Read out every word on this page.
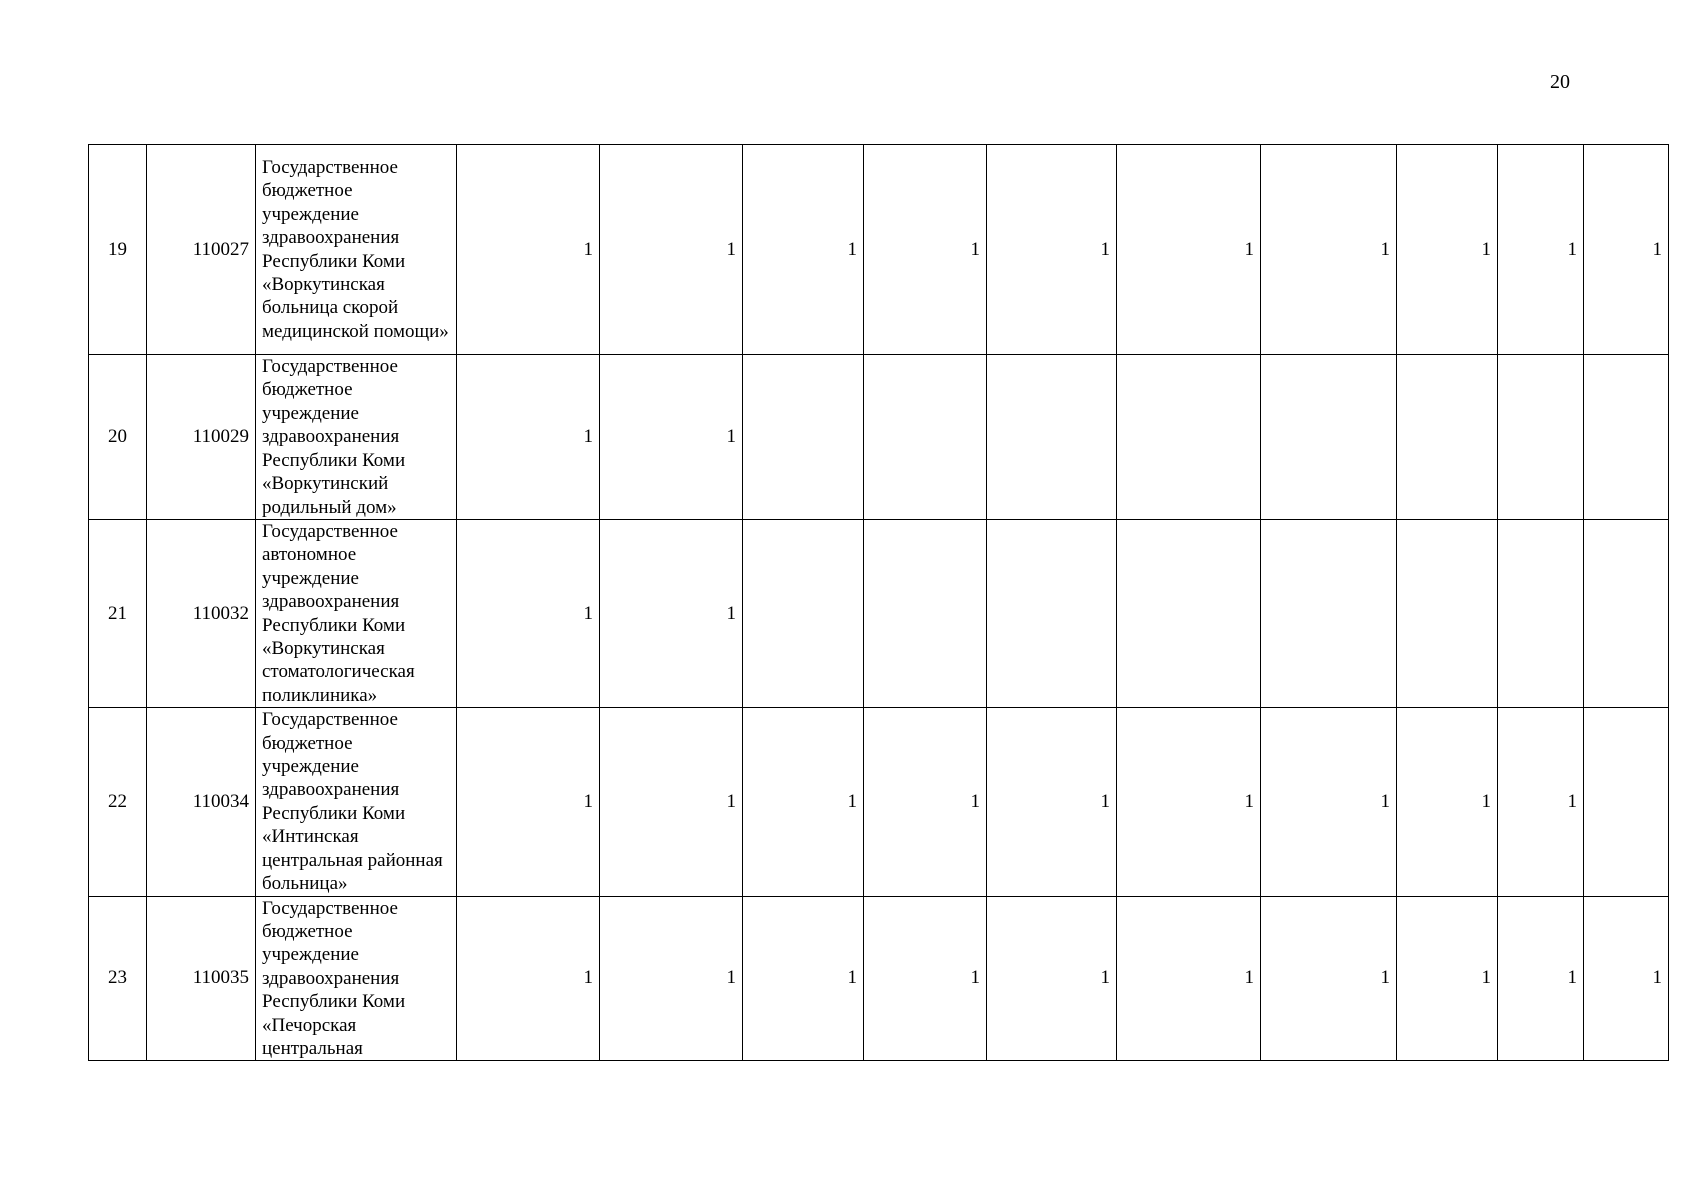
20
19	110027	Государственное бюджетное учреждение здравоохранения Республики Коми «Воркутинская больница скорой медицинской помощи»	1	1	1	1	1	1	1	1	1	1
20	110029	Государственное бюджетное учреждение здравоохранения Республики Коми «Воркутинский родильный дом»	1	1								
21	110032	Государственное автономное учреждение здравоохранения Республики Коми «Воркутинская стоматологическая поликлиника»	1	1								
22	110034	Государственное бюджетное учреждение здравоохранения Республики Коми «Интинская центральная районная больница»	1	1	1	1	1	1	1	1	1	
23	110035	Государственное бюджетное учреждение здравоохранения Республики Коми «Печорская центральная	1	1	1	1	1	1	1	1	1	1
